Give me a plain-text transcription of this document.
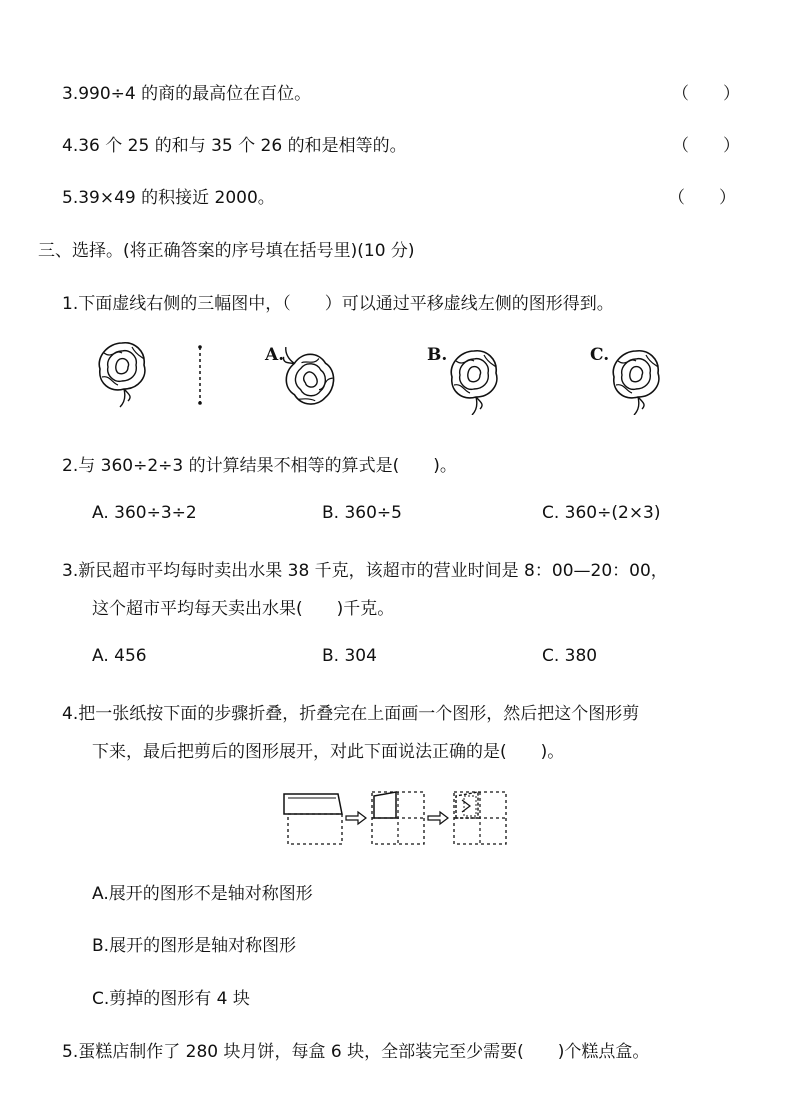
3.990÷4 的商的最高位在百位。	（　　）
4.36 个 25 的和与 35 个 26 的和是相等的。	（　　）
5.39×49 的积接近 2000。	（　　）
三、选择。(将正确答案的序号填在括号里)(10 分)
1.下面虚线右侧的三幅图中，（　　）可以通过平移虚线左侧的图形得到。
A.	B.	C.
2.与 360÷2÷3 的计算结果不相等的算式是(　　)。
A. 360÷3÷2	B. 360÷5	C. 360÷(2×3)
3.新民超市平均每时卖出水果 38 千克，该超市的营业时间是 8：00—20：00，
这个超市平均每天卖出水果(　　)千克。
A. 456	B. 304	C. 380
4.把一张纸按下面的步骤折叠，折叠完在上面画一个图形，然后把这个图形剪
下来，最后把剪后的图形展开，对此下面说法正确的是(　　)。
A.展开的图形不是轴对称图形
B.展开的图形是轴对称图形
C.剪掉的图形有 4 块
5.蛋糕店制作了 280 块月饼，每盒 6 块，全部装完至少需要(　　)个糕点盒。
